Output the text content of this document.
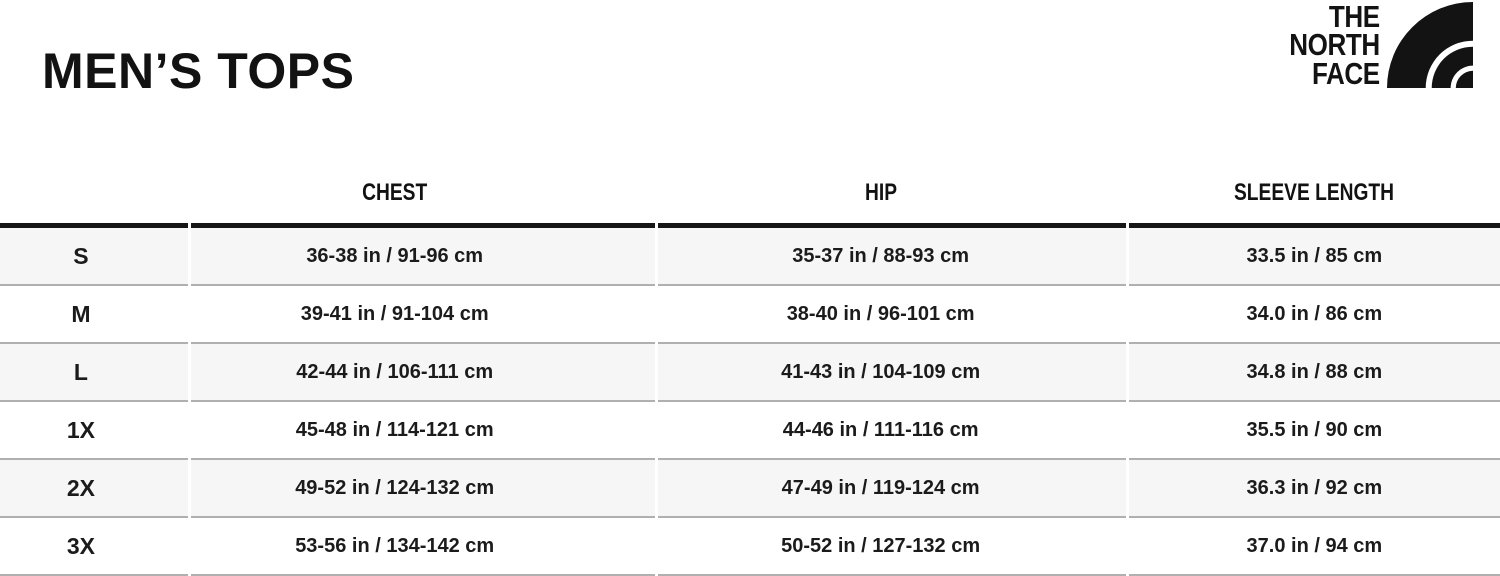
MEN’S TOPS
THE
NORTH
FACE
	CHEST	HIP	SLEEVE LENGTH
S	36-38 in / 91-96 cm	35-37 in / 88-93 cm	33.5 in / 85 cm
M	39-41 in / 91-104 cm	38-40 in / 96-101 cm	34.0 in / 86 cm
L	42-44 in / 106-111 cm	41-43 in / 104-109 cm	34.8 in / 88 cm
1X	45-48 in / 114-121 cm	44-46 in / 111-116 cm	35.5 in / 90 cm
2X	49-52 in / 124-132 cm	47-49 in / 119-124 cm	36.3 in / 92 cm
3X	53-56 in / 134-142 cm	50-52 in / 127-132 cm	37.0 in / 94 cm
